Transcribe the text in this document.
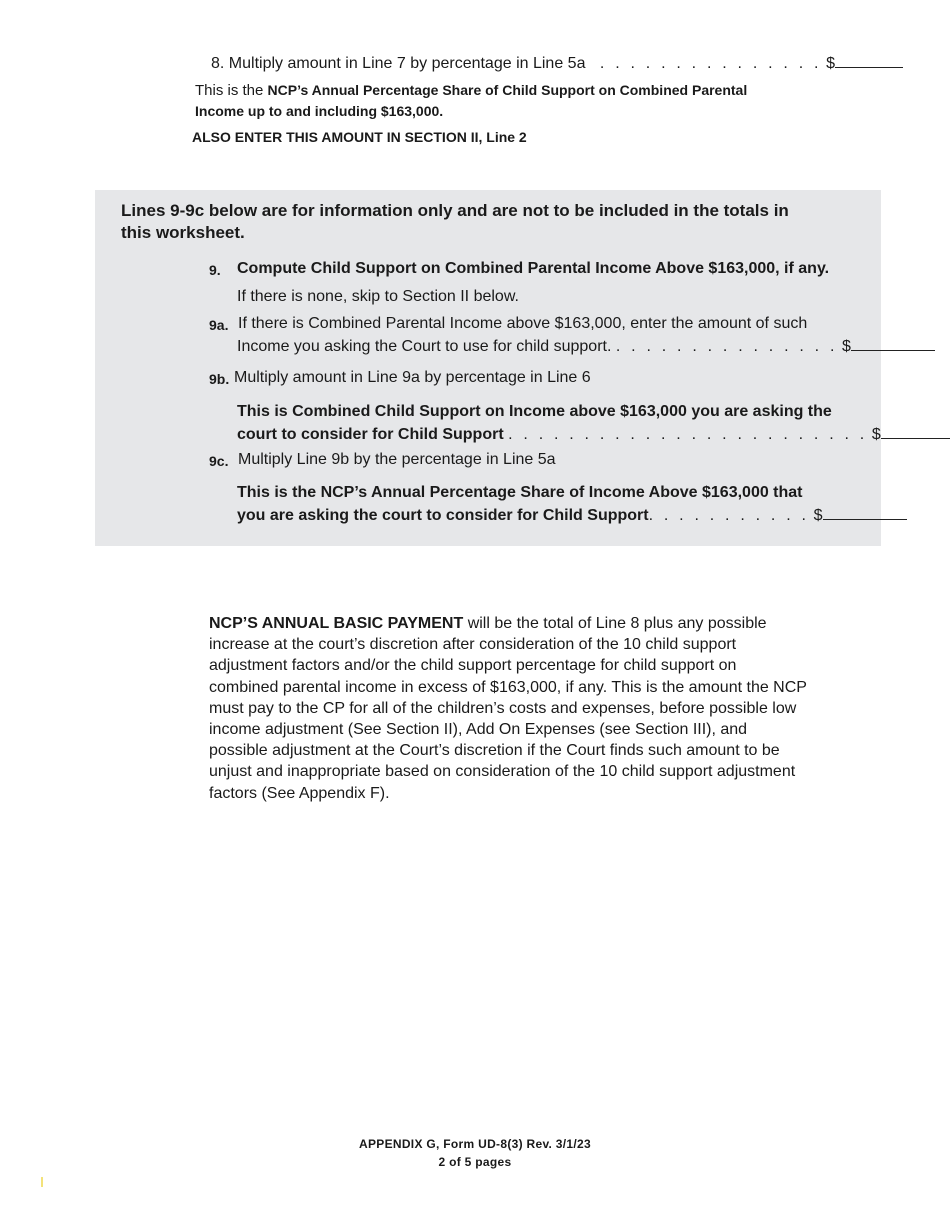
8. Multiply amount in Line 7 by percentage in Line 5a . . . . . . . . . . . . . . . $
This is the NCP’s Annual Percentage Share of Child Support on Combined Parental
Income up to and including $163,000.
ALSO ENTER THIS AMOUNT IN SECTION II, Line 2
Lines 9-9c below are for information only and are not to be included in the totals in this worksheet.
9. Compute Child Support on Combined Parental Income Above $163,000, if any.
If there is none, skip to Section II below.
9a. If there is Combined Parental Income above $163,000, enter the amount of such
Income you asking the Court to use for child support. . . . . . . . . . . . . . . . $
9b. Multiply amount in Line 9a by percentage in Line 6
This is Combined Child Support on Income above $163,000 you are asking the
court to consider for Child Support . . . . . . . . . . . . . . . . . . . . . . . . $
9c. Multiply Line 9b by the percentage in Line 5a
This is the NCP’s Annual Percentage Share of Income Above $163,000 that
you are asking the court to consider for Child Support. . . . . . . . . . . $
NCP’S ANNUAL BASIC PAYMENT will be the total of Line 8 plus any possible increase at the court’s discretion after consideration of the 10 child support adjustment factors and/or the child support percentage for child support on combined parental income in excess of $163,000, if any. This is the amount the NCP must pay to the CP for all of the children’s costs and expenses, before possible low income adjustment (See Section II), Add On Expenses (see Section III), and possible adjustment at the Court’s discretion if the Court finds such amount to be unjust and inappropriate based on consideration of the 10 child support adjustment factors (See Appendix F).
APPENDIX G, Form UD-8(3) Rev. 3/1/23
2 of 5 pages
